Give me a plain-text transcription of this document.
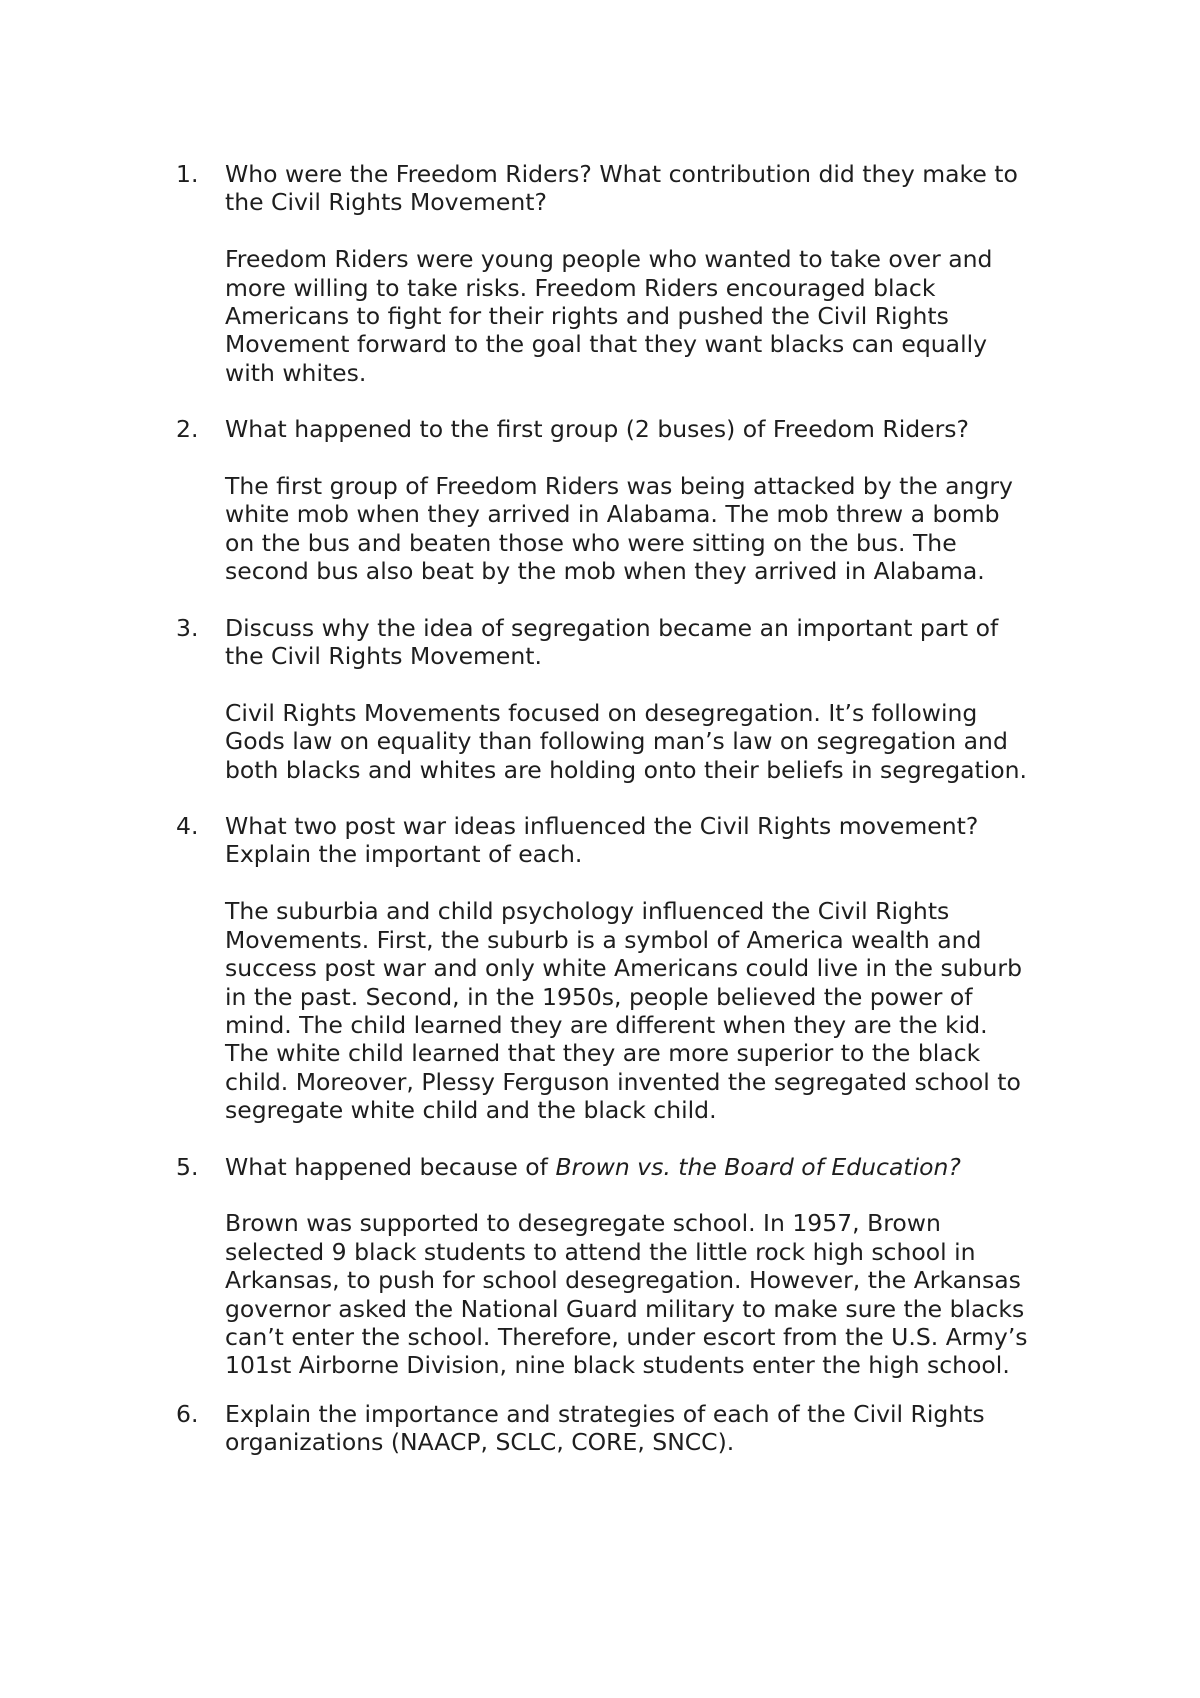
1. Who were the Freedom Riders? What contribution did they make to the Civil Rights Movement?

Freedom Riders were young people who wanted to take over and more willing to take risks. Freedom Riders encouraged black Americans to fight for their rights and pushed the Civil Rights Movement forward to the goal that they want blacks can equally with whites.

2. What happened to the first group (2 buses) of Freedom Riders?

The first group of Freedom Riders was being attacked by the angry white mob when they arrived in Alabama. The mob threw a bomb on the bus and beaten those who were sitting on the bus. The second bus also beat by the mob when they arrived in Alabama.

3. Discuss why the idea of segregation became an important part of the Civil Rights Movement.

Civil Rights Movements focused on desegregation. It’s following Gods law on equality than following man’s law on segregation and both blacks and whites are holding onto their beliefs in segregation.

4. What two post war ideas influenced the Civil Rights movement? Explain the important of each.

The suburbia and child psychology influenced the Civil Rights Movements. First, the suburb is a symbol of America wealth and success post war and only white Americans could live in the suburb in the past. Second, in the 1950s, people believed the power of mind. The child learned they are different when they are the kid. The white child learned that they are more superior to the black child. Moreover, Plessy Ferguson invented the segregated school to segregate white child and the black child.

5. What happened because of Brown vs. the Board of Education?

Brown was supported to desegregate school. In 1957, Brown selected 9 black students to attend the little rock high school in Arkansas, to push for school desegregation. However, the Arkansas governor asked the National Guard military to make sure the blacks can’t enter the school. Therefore, under escort from the U.S. Army’s 101st Airborne Division, nine black students enter the high school.

6. Explain the importance and strategies of each of the Civil Rights organizations (NAACP, SCLC, CORE, SNCC).
